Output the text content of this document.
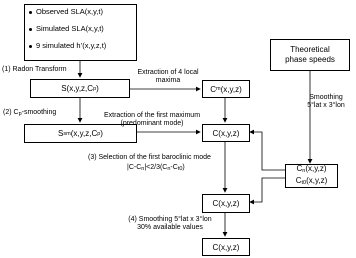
Observed SLA(x,y,t)
Simulated SLA(x,y,t)
9 simulated h’(x,y,z,t)	Theoretical
phase speeds
S(x,y,z,C p )	C m (x,y,z)
S sm (x,y,z,C p )	C(x,y,z)
$C_n(x,y,z)$
$C_{t0}(x,y,z)$
C(x,y,z)
C(x,y,z)
(1) Radon Transform
(2) $C_p$-smoothing
Extraction of 4 local
maxima
Extraction of the first maximum
(predominant mode)
(3) Selection of the first baroclinic mode
$|C-C_n|<2/3(C_n-C_{t0})$
Smoothing
5°lat x 3°lon
(4) Smoothing 5°lat x 3°lon
30% available values
